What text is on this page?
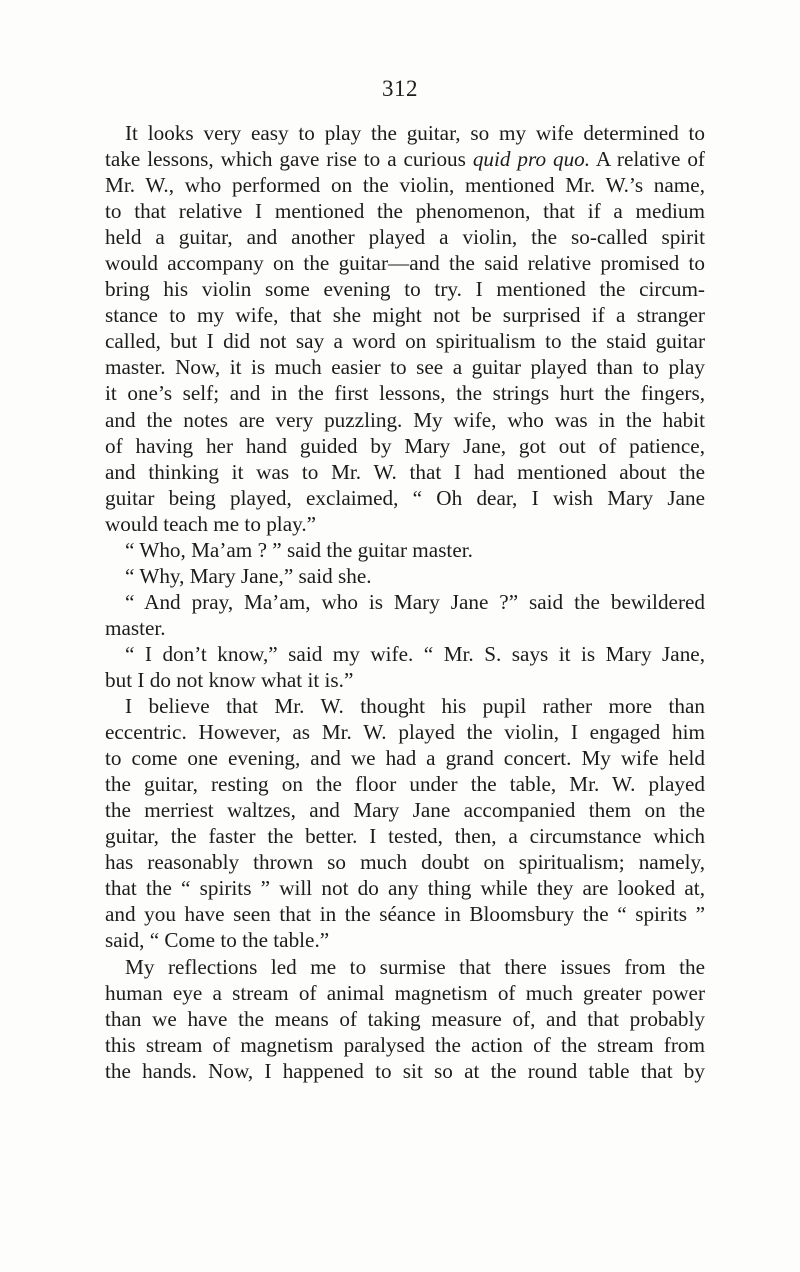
312
It looks very easy to play the guitar, so my wife determined to
take lessons, which gave rise to a curious quid pro quo. A relative of
Mr. W., who performed on the violin, mentioned Mr. W.’s name,
to that relative I mentioned the phenomenon, that if a medium
held a guitar, and another played a violin, the so-called spirit
would accompany on the guitar—and the said relative promised to
bring his violin some evening to try. I mentioned the circum-
stance to my wife, that she might not be surprised if a stranger
called, but I did not say a word on spiritualism to the staid guitar
master. Now, it is much easier to see a guitar played than to play
it one’s self; and in the first lessons, the strings hurt the fingers,
and the notes are very puzzling. My wife, who was in the habit
of having her hand guided by Mary Jane, got out of patience,
and thinking it was to Mr. W. that I had mentioned about the
guitar being played, exclaimed, “ Oh dear, I wish Mary Jane
would teach me to play.”
“ Who, Ma’am ? ” said the guitar master.
“ Why, Mary Jane,” said she.
“ And pray, Ma’am, who is Mary Jane ?” said the bewildered
master.
“ I don’t know,” said my wife. “ Mr. S. says it is Mary Jane,
but I do not know what it is.”
I believe that Mr. W. thought his pupil rather more than
eccentric. However, as Mr. W. played the violin, I engaged him
to come one evening, and we had a grand concert. My wife held
the guitar, resting on the floor under the table, Mr. W. played
the merriest waltzes, and Mary Jane accompanied them on the
guitar, the faster the better. I tested, then, a circumstance which
has reasonably thrown so much doubt on spiritualism; namely,
that the “ spirits ” will not do any thing while they are looked at,
and you have seen that in the séance in Bloomsbury the “ spirits ”
said, “ Come to the table.”
My reflections led me to surmise that there issues from the
human eye a stream of animal magnetism of much greater power
than we have the means of taking measure of, and that probably
this stream of magnetism paralysed the action of the stream from
the hands. Now, I happened to sit so at the round table that by
